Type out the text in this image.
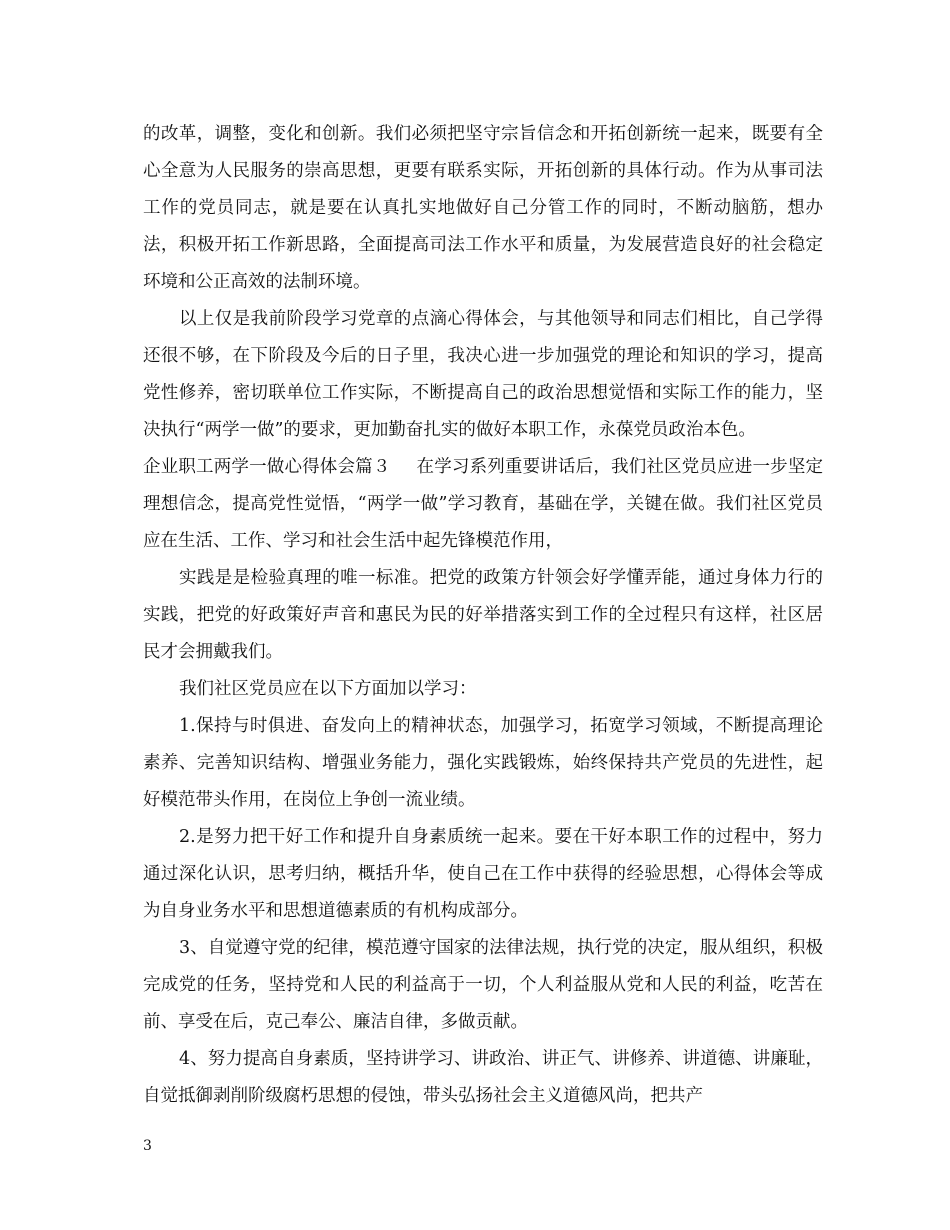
的改革，调整，变化和创新。我们必须把坚守宗旨信念和开拓创新统一起来，既要有全心全意为人民服务的崇高思想，更要有联系实际，开拓创新的具体行动。作为从事司法工作的党员同志，就是要在认真扎实地做好自己分管工作的同时，不断动脑筋，想办法，积极开拓工作新思路，全面提高司法工作水平和质量，为发展营造良好的社会稳定环境和公正高效的法制环境。

以上仅是我前阶段学习党章的点滴心得体会，与其他领导和同志们相比，自己学得还很不够，在下阶段及今后的日子里，我决心进一步加强党的理论和知识的学习，提高党性修养，密切联单位工作实际，不断提高自己的政治思想觉悟和实际工作的能力，坚决执行“两学一做”的要求，更加勤奋扎实的做好本职工作，永葆党员政治本色。

企业职工两学一做心得体会篇３ 在学习系列重要讲话后，我们社区党员应进一步坚定理想信念，提高党性觉悟，“两学一做”学习教育，基础在学，关键在做。我们社区党员应在生活、工作、学习和社会生活中起先锋模范作用，

实践是是检验真理的唯一标准。把党的政策方针领会好学懂弄能，通过身体力行的实践，把党的好政策好声音和惠民为民的好举措落实到工作的全过程只有这样，社区居民才会拥戴我们。

我们社区党员应在以下方面加以学习：

1.保持与时俱进、奋发向上的精神状态，加强学习，拓宽学习领域，不断提高理论素养、完善知识结构、增强业务能力，强化实践锻炼，始终保持共产党员的先进性，起好模范带头作用，在岗位上争创一流业绩。

2.是努力把干好工作和提升自身素质统一起来。要在干好本职工作的过程中，努力通过深化认识，思考归纳，概括升华，使自己在工作中获得的经验思想，心得体会等成为自身业务水平和思想道德素质的有机构成部分。

3、自觉遵守党的纪律，模范遵守国家的法律法规，执行党的决定，服从组织，积极完成党的任务，坚持党和人民的利益高于一切，个人利益服从党和人民的利益，吃苦在前、享受在后，克己奉公、廉洁自律，多做贡献。

4、努力提高自身素质，坚持讲学习、讲政治、讲正气、讲修养、讲道德、讲廉耻，自觉抵御剥削阶级腐朽思想的侵蚀，带头弘扬社会主义道德风尚，把共产

3
